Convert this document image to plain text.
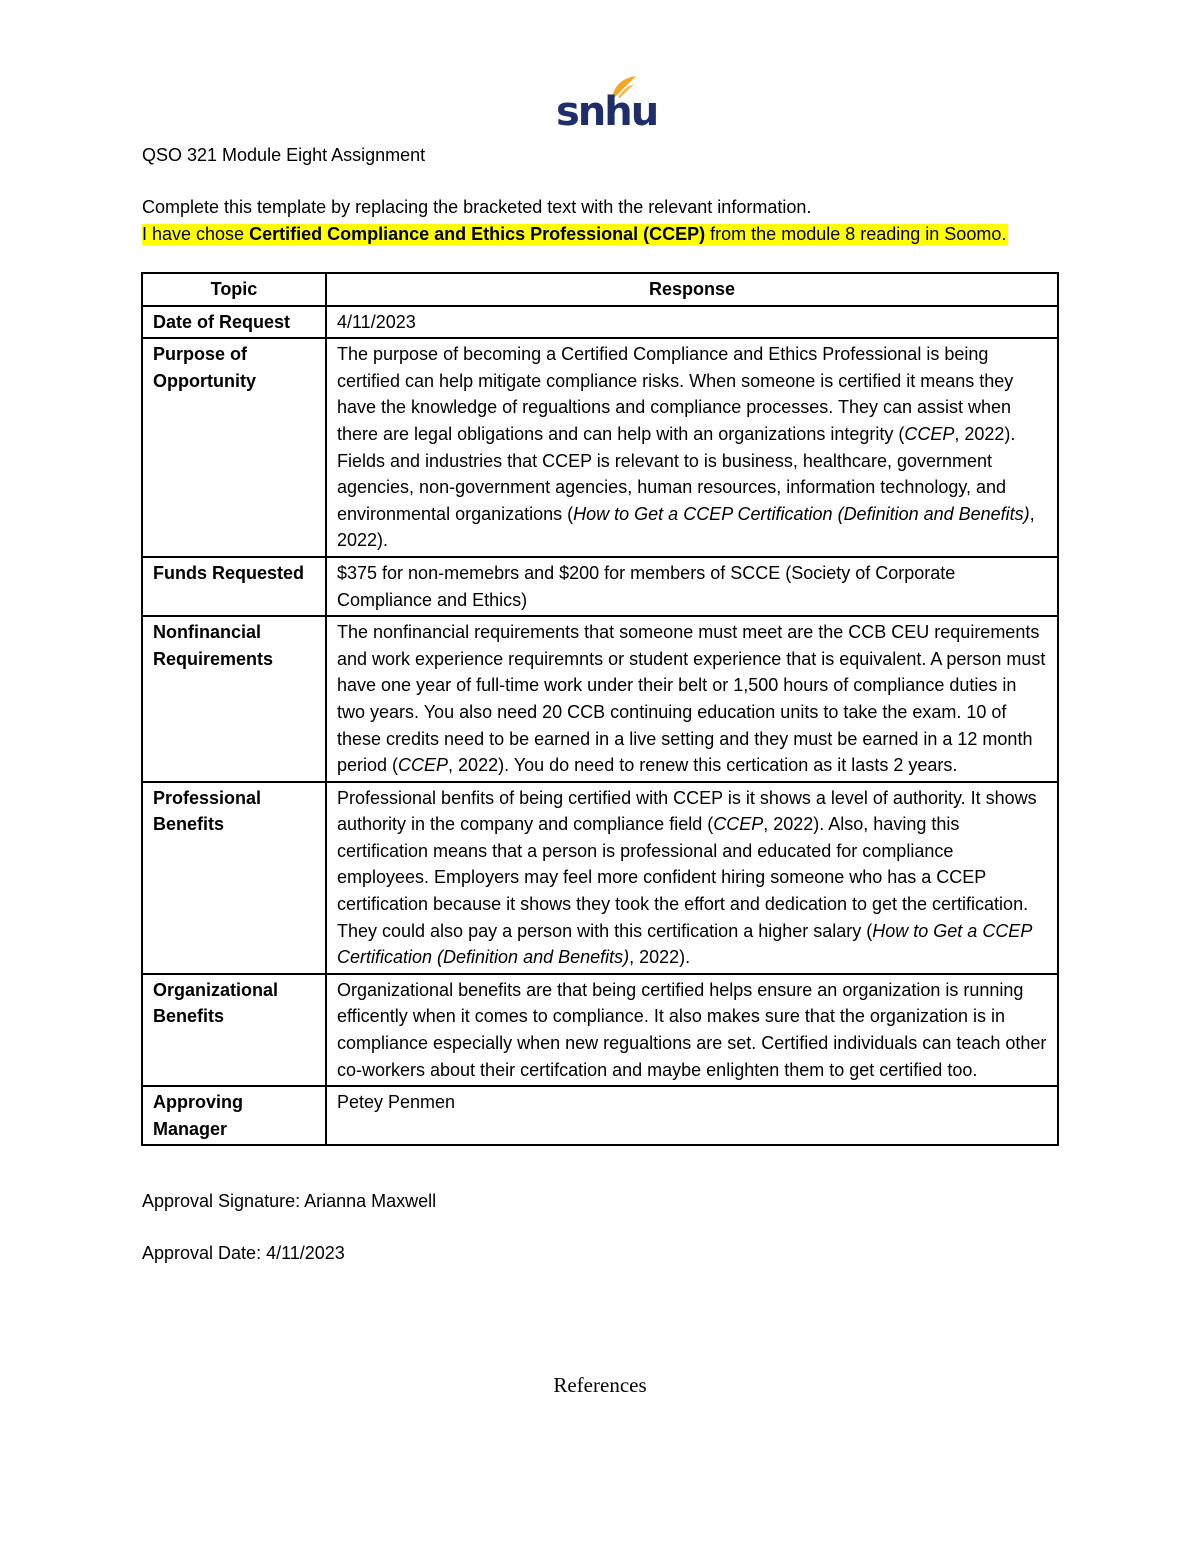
snhu
QSO 321 Module Eight Assignment
Complete this template by replacing the bracketed text with the relevant information.
I have chose Certified Compliance and Ethics Professional (CCEP) from the module 8 reading in Soomo.
Topic	Response
Date of Request	4/11/2023
Purpose of Opportunity	The purpose of becoming a Certified Compliance and Ethics Professional is being certified can help mitigate compliance risks. When someone is certified it means they have the knowledge of regualtions and compliance processes. They can assist when there are legal obligations and can help with an organizations integrity (CCEP, 2022). Fields and industries that CCEP is relevant to is business, healthcare, government agencies, non-government agencies, human resources, information technology, and environmental organizations (How to Get a CCEP Certification (Definition and Benefits), 2022).
Funds Requested	$375 for non-memebrs and $200 for members of SCCE (Society of Corporate Compliance and Ethics)
Nonfinancial Requirements	The nonfinancial requirements that someone must meet are the CCB CEU requirements and work experience requiremnts or student experience that is equivalent. A person must have one year of full-time work under their belt or 1,500 hours of compliance duties in two years. You also need 20 CCB continuing education units to take the exam. 10 of these credits need to be earned in a live setting and they must be earned in a 12 month period (CCEP, 2022). You do need to renew this certication as it lasts 2 years.
Professional Benefits	Professional benfits of being certified with CCEP is it shows a level of authority. It shows authority in the company and compliance field (CCEP, 2022). Also, having this certification means that a person is professional and educated for compliance employees. Employers may feel more confident hiring someone who has a CCEP certification because it shows they took the effort and dedication to get the certification. They could also pay a person with this certification a higher salary (How to Get a CCEP Certification (Definition and Benefits), 2022).
Organizational Benefits	Organizational benefits are that being certified helps ensure an organization is running efficently when it comes to compliance. It also makes sure that the organization is in compliance especially when new regualtions are set. Certified individuals can teach other co-workers about their certifcation and maybe enlighten them to get certified too.
Approving Manager	Petey Penmen
Approval Signature: Arianna Maxwell
Approval Date: 4/11/2023
References
